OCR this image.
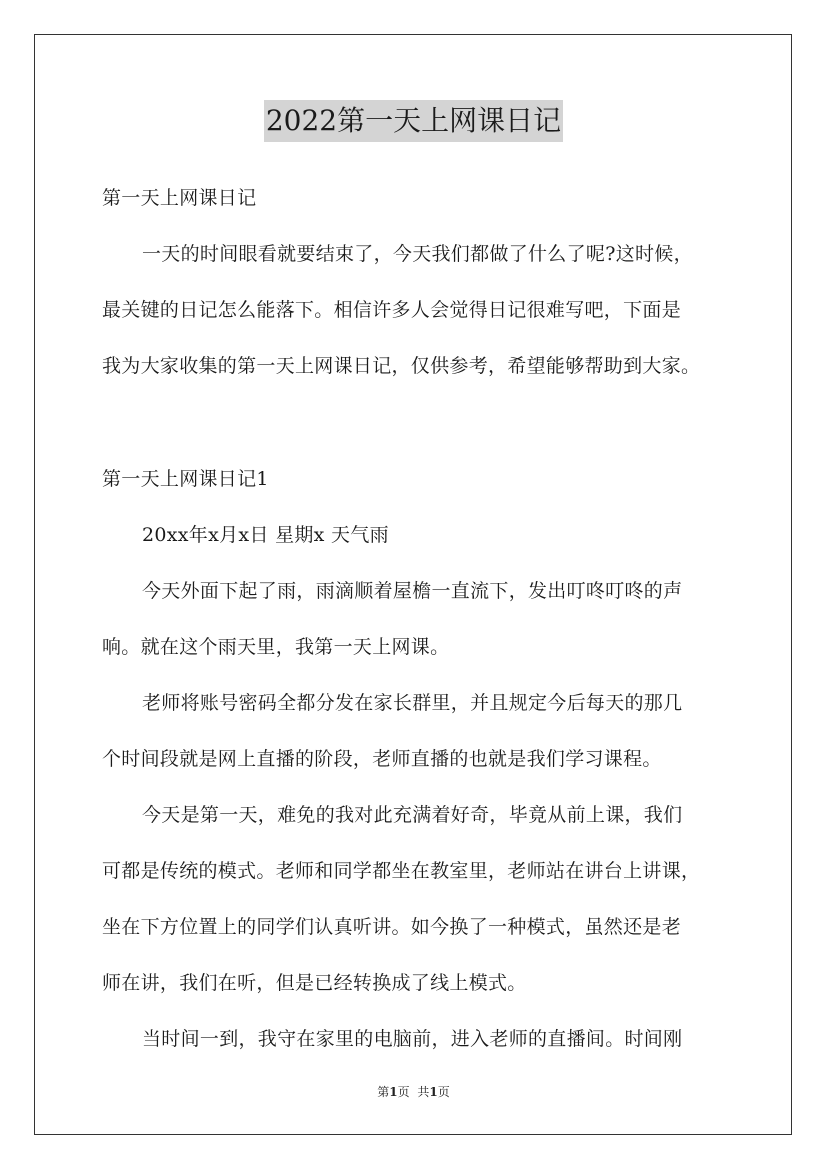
2022第一天上网课日记
第一天上网课日记
一天的时间眼看就要结束了，今天我们都做了什么了呢?这时候，
最关键的日记怎么能落下。相信许多人会觉得日记很难写吧，下面是
我为大家收集的第一天上网课日记，仅供参考，希望能够帮助到大家。
第一天上网课日记1
20xx年x月x日 星期x 天气雨
今天外面下起了雨，雨滴顺着屋檐一直流下，发出叮咚叮咚的声
响。就在这个雨天里，我第一天上网课。
老师将账号密码全都分发在家长群里，并且规定今后每天的那几
个时间段就是网上直播的阶段，老师直播的也就是我们学习课程。
今天是第一天，难免的我对此充满着好奇，毕竟从前上课，我们
可都是传统的模式。老师和同学都坐在教室里，老师站在讲台上讲课，
坐在下方位置上的同学们认真听讲。如今换了一种模式，虽然还是老
师在讲，我们在听，但是已经转换成了线上模式。
当时间一到，我守在家里的电脑前，进入老师的直播间。时间刚
第1页 共1页
